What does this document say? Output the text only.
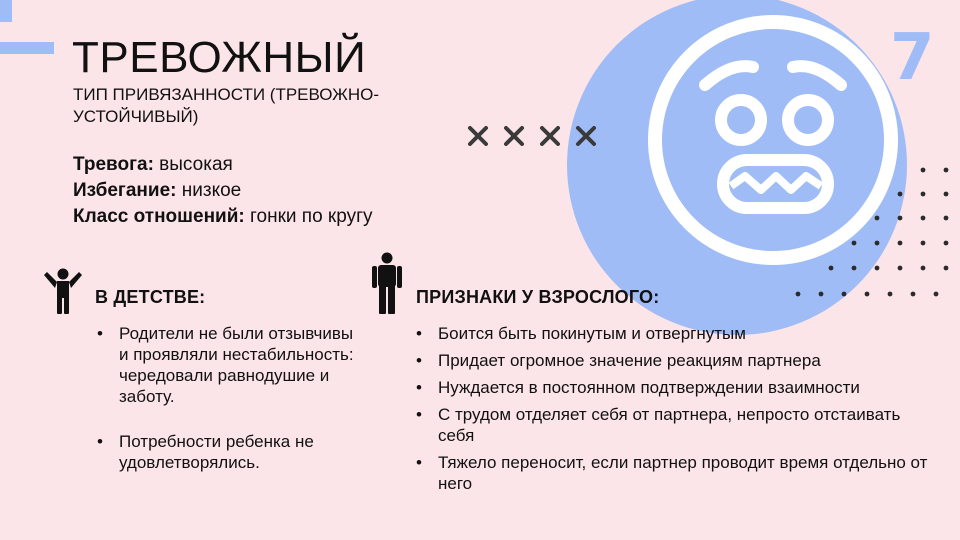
7
ТРЕВОЖНЫЙ

ТИП ПРИВЯЗАННОСТИ (ТРЕВОЖНО-УСТОЙЧИВЫЙ)

Тревога: высокая
Избегание: низкое
Класс отношений: гонки по кругу
В ДЕТСТВЕ:	ПРИЗНАКИ У ВЗРОСЛОГО:
• Родители не были отзывчивы и проявляли нестабильность: чередовали равнодушие и заботу.
• Потребности ребенка не удовлетворялись.
• Боится быть покинутым и отвергнутым
• Придает огромное значение реакциям партнера
• Нуждается в постоянном подтверждении взаимности
• С трудом отделяет себя от партнера, непросто отстаивать себя
• Тяжело переносит, если партнер проводит время отдельно от него
